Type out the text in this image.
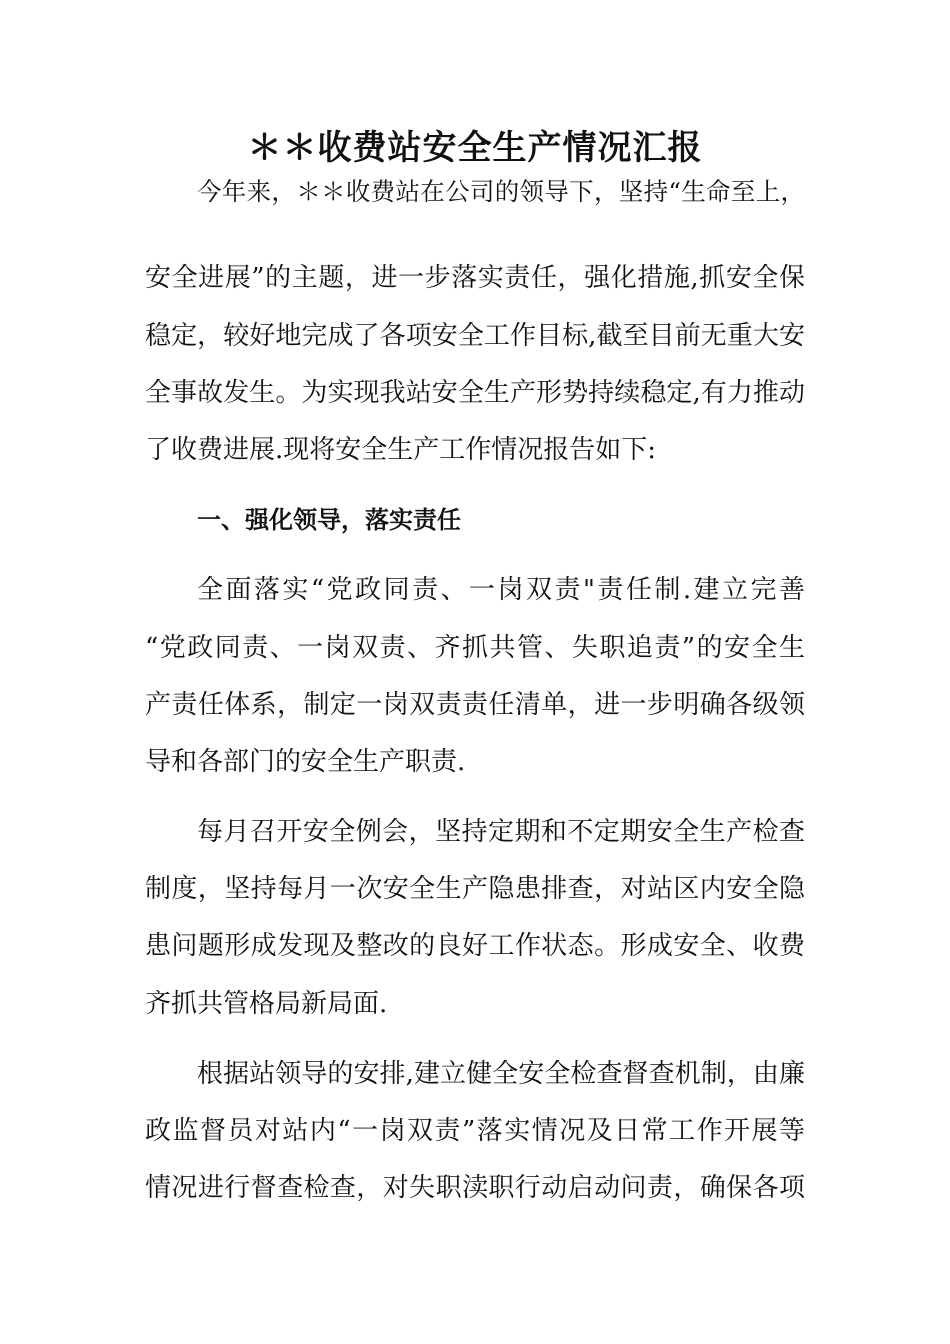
＊＊收费站安全生产情况汇报
今年来，＊＊收费站在公司的领导下，坚持“生命至上，
安全进展”的主题，进一步落实责任，强化措施,抓安全保
稳定，较好地完成了各项安全工作目标,截至目前无重大安
全事故发生。为实现我站安全生产形势持续稳定,有力推动
了收费进展.现将安全生产工作情况报告如下:
一、强化领导，落实责任
全面落实“党政同责、一岗双责"责任制.建立完善
“党政同责、一岗双责、齐抓共管、失职追责”的安全生
产责任体系，制定一岗双责责任清单，进一步明确各级领
导和各部门的安全生产职责.
每月召开安全例会，坚持定期和不定期安全生产检查
制度，坚持每月一次安全生产隐患排查，对站区内安全隐
患问题形成发现及整改的良好工作状态。形成安全、收费
齐抓共管格局新局面.
根据站领导的安排,建立健全安全检查督查机制，由廉
政监督员对站内“一岗双责”落实情况及日常工作开展等
情况进行督查检查，对失职渎职行动启动问责，确保各项
